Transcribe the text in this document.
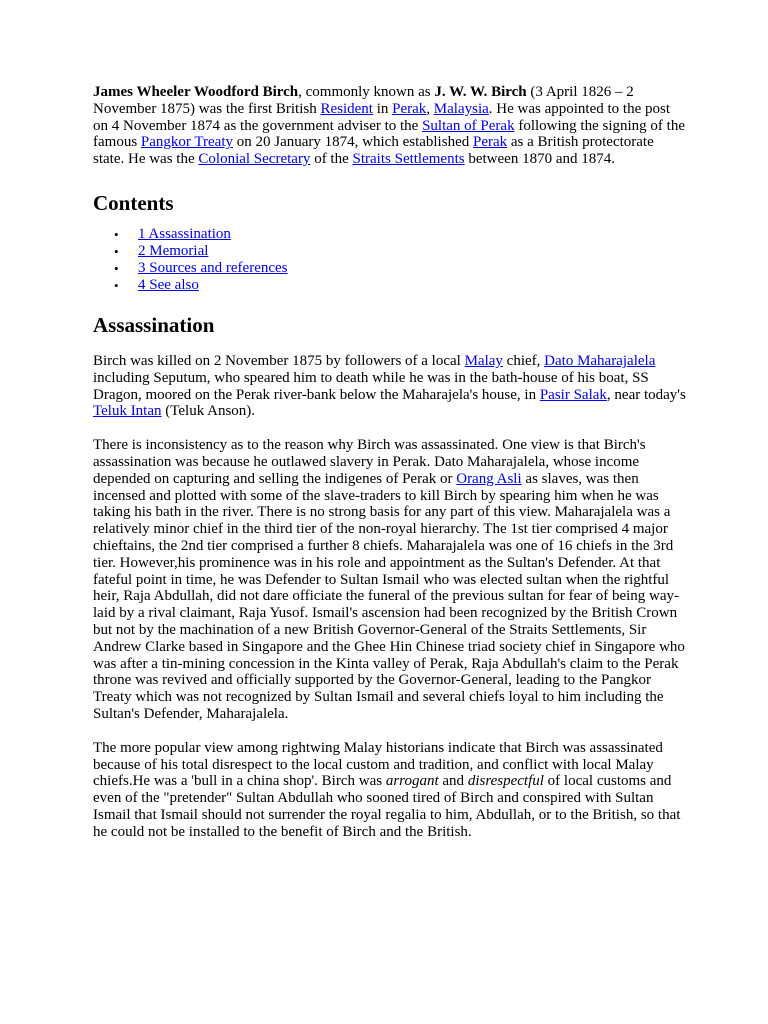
James Wheeler Woodford Birch, commonly known as J. W. W. Birch (3 April 1826 – 2 November 1875) was the first British Resident in Perak, Malaysia. He was appointed to the post on 4 November 1874 as the government adviser to the Sultan of Perak following the signing of the famous Pangkor Treaty on 20 January 1874, which established Perak as a British protectorate state. He was the Colonial Secretary of the Straits Settlements between 1870 and 1874.

Contents
• 1 Assassination
• 2 Memorial
• 3 Sources and references
• 4 See also
Assassination

Birch was killed on 2 November 1875 by followers of a local Malay chief, Dato Maharajalela including Seputum, who speared him to death while he was in the bath-house of his boat, SS Dragon, moored on the Perak river-bank below the Maharajela's house, in Pasir Salak, near today's Teluk Intan (Teluk Anson).

There is inconsistency as to the reason why Birch was assassinated. One view is that Birch's assassination was because he outlawed slavery in Perak. Dato Maharajalela, whose income depended on capturing and selling the indigenes of Perak or Orang Asli as slaves, was then incensed and plotted with some of the slave-traders to kill Birch by spearing him when he was taking his bath in the river. There is no strong basis for any part of this view. Maharajalela was a relatively minor chief in the third tier of the non-royal hierarchy. The 1st tier comprised 4 major chieftains, the 2nd tier comprised a further 8 chiefs. Maharajalela was one of 16 chiefs in the 3rd tier. However,his prominence was in his role and appointment as the Sultan's Defender. At that fateful point in time, he was Defender to Sultan Ismail who was elected sultan when the rightful heir, Raja Abdullah, did not dare officiate the funeral of the previous sultan for fear of being way-laid by a rival claimant, Raja Yusof. Ismail's ascension had been recognized by the British Crown but not by the machination of a new British Governor-General of the Straits Settlements, Sir Andrew Clarke based in Singapore and the Ghee Hin Chinese triad society chief in Singapore who was after a tin-mining concession in the Kinta valley of Perak, Raja Abdullah's claim to the Perak throne was revived and officially supported by the Governor-General, leading to the Pangkor Treaty which was not recognized by Sultan Ismail and several chiefs loyal to him including the Sultan's Defender, Maharajalela.

The more popular view among rightwing Malay historians indicate that Birch was assassinated because of his total disrespect to the local custom and tradition, and conflict with local Malay chiefs.He was a 'bull in a china shop'. Birch was arrogant and disrespectful of local customs and even of the "pretender" Sultan Abdullah who sooned tired of Birch and conspired with Sultan Ismail that Ismail should not surrender the royal regalia to him, Abdullah, or to the British, so that he could not be installed to the benefit of Birch and the British.
